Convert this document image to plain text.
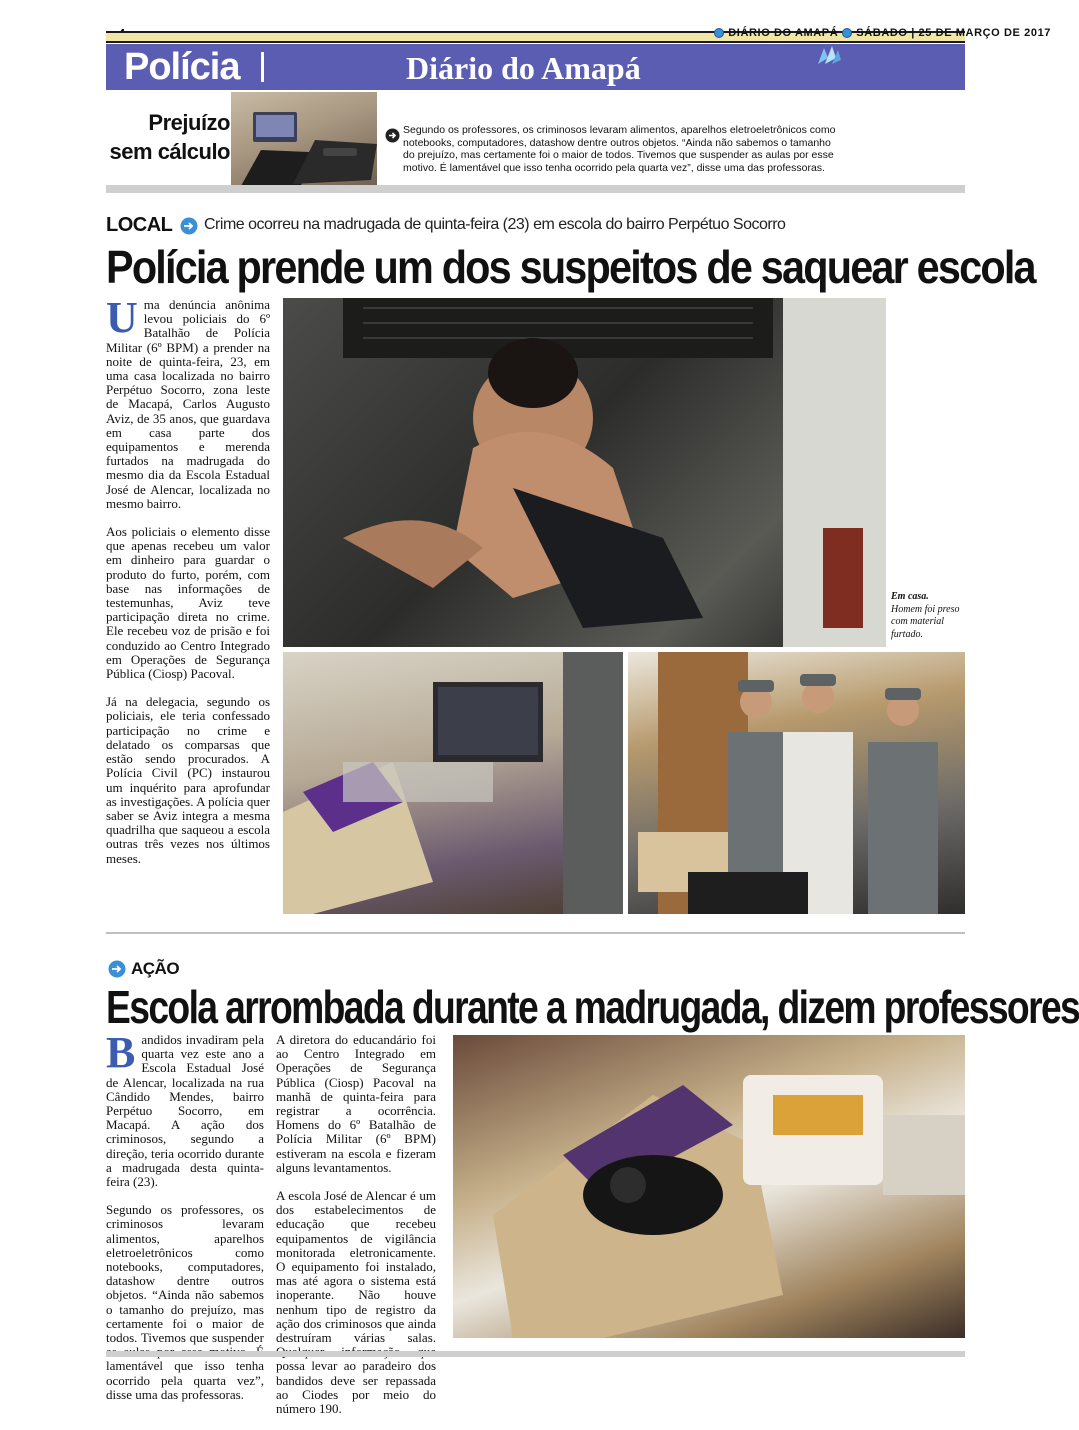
DIÁRIO DO AMAPÁ SÁBADO | 25 DE MARÇO DE 2017
Polícia	Diário do Amapá
Prejuízo sem cálculo
Segundo os professores, os criminosos levaram alimentos, aparelhos eletroeletrônicos como notebooks, computadores, datashow dentre outros objetos. “Ainda não sabemos o tamanho do prejuízo, mas certamente foi o maior de todos. Tivemos que suspender as aulas por esse motivo. É lamentável que isso tenha ocorrido pela quarta vez”, disse uma das professoras.
LOCAL Crime ocorreu na madrugada de quinta-feira (23) em escola do bairro Perpétuo Socorro
Polícia prende um dos suspeitos de saquear escola

Uma denúncia anônima levou policiais do 6º Batalhão de Polícia Militar (6º BPM) a prender na noite de quinta-feira, 23, em uma casa localizada no bairro Perpétuo Socorro, zona leste de Macapá, Carlos Augusto Aviz, de 35 anos, que guardava em casa parte dos equipamentos e merenda furtados na madrugada do mesmo dia da Escola Estadual José de Alencar, localizada no mesmo bairro.

Aos policiais o elemento disse que apenas recebeu um valor em dinheiro para guardar o produto do furto, porém, com base nas informações de testemunhas, Aviz teve participação direta no crime. Ele recebeu voz de prisão e foi conduzido ao Centro Integrado em Operações de Segurança Pública (Ciosp) Pacoval.

Já na delegacia, segundo os policiais, ele teria confessado participação no crime e delatado os comparsas que estão sendo procurados. A Polícia Civil (PC) instaurou um inquérito para aprofundar as investigações. A polícia quer saber se Aviz integra a mesma quadrilha que saqueou a escola outras três vezes nos últimos meses.

Em casa.
Homem foi preso com material furtado.
AÇÃO
Escola arrombada durante a madrugada, dizem professores

Bandidos invadiram pela quarta vez este ano a Escola Estadual José de Alencar, localizada na rua Cândido Mendes, bairro Perpétuo Socorro, em Macapá. A ação dos criminosos, segundo a direção, teria ocorrido durante a madrugada desta quinta-feira (23).

Segundo os professores, os criminosos levaram alimentos, aparelhos eletroeletrônicos como notebooks, computadores, datashow dentre outros objetos. “Ainda não sabemos o tamanho do prejuízo, mas certamente foi o maior de todos. Tivemos que suspender lamentável que isso tenha ocorrido pela quarta vez”, disse uma das professoras.

A diretora do educandário foi ao Centro Integrado em Operações de Segurança Pública (Ciosp) Pacoval na manhã de quinta-feira para registrar a ocorrência. Homens do 6º Batalhão de Polícia Militar (6º BPM) estiveram na escola e fizeram alguns levantamentos.

A escola José de Alencar é um dos estabelecimentos de educação que recebeu equipamentos de vigilância monitorada eletronicamente. O equipamento foi instalado, mas até agora o sistema está inoperante. Não houve nenhum tipo de registro da ação dos criminosos que ainda destruíram várias salas. possa levar ao paradeiro dos bandidos deve ser repassada ao Ciodes por meio do número 190.
